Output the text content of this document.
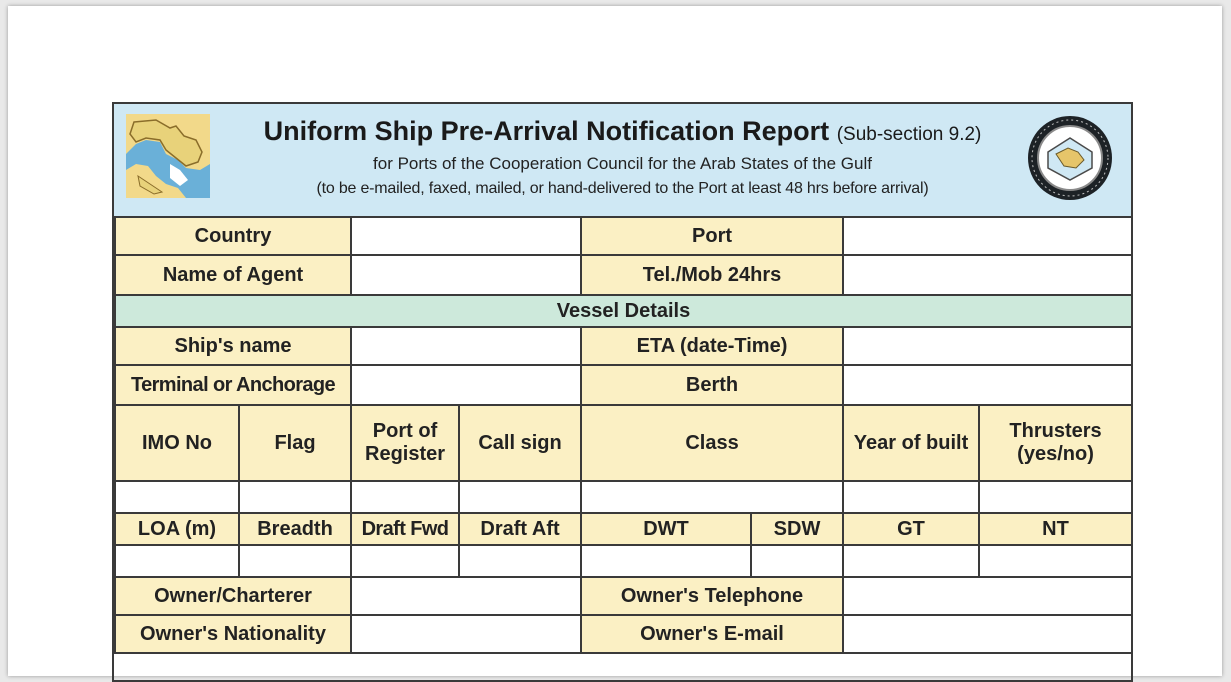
Uniform Ship Pre-Arrival Notification Report (Sub-section 9.2)
for Ports of the Cooperation Council for the Arab States of the Gulf
(to be e-mailed, faxed, mailed, or hand-delivered to the Port at least 48 hrs before arrival)
Country				Port			
Name of Agent				Tel./Mob 24hrs			
Vessel Details							
Ship's name				ETA (date-Time)			
Terminal or Anchorage				Berth			
IMO No	Flag	Port of Register	Call sign	Class		Year of built	Thrusters (yes/no)

LOA (m)	Breadth	Draft Fwd	Draft Aft	DWT	SDW	GT	NT

Owner/Charterer				Owner's Telephone			
Owner's Nationality				Owner's E-mail			
